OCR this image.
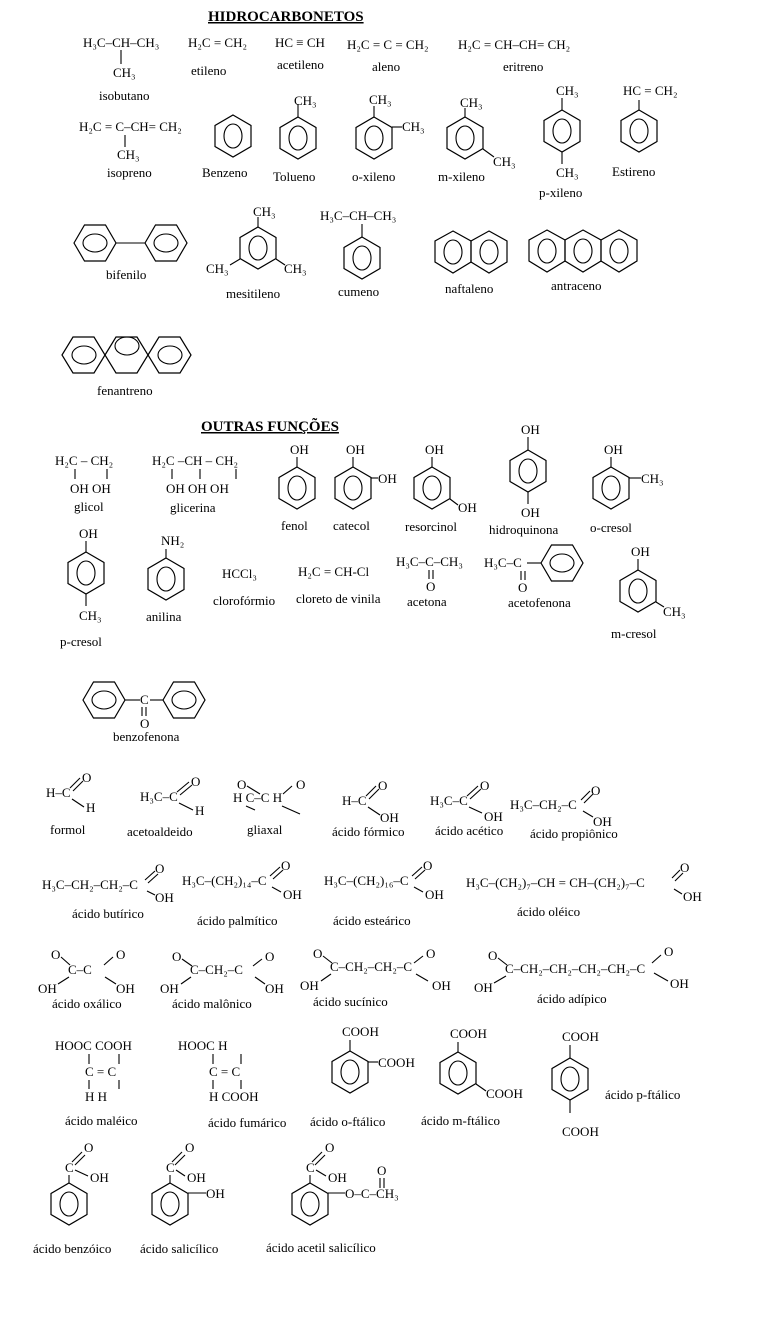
HIDROCARBONETOS
H₃C–CH–CH₃
CH₃
isobutano
H₂C = CH₂
etileno
HC ≡ CH
acetileno
H₂C = C = CH₂
aleno
H₂C = CH–CH= CH₂
eritreno
H₂C = C–CH= CH₂
CH₃
isopreno	Benzeno
CH₃
Tolueno
CH₃
CH₃
o-xileno
CH₃
CH₃
m-xileno
CH₃
CH₃
p-xileno
HC = CH₂
Estireno
bifenilo
CH₃
CH₃	CH₃
mesitileno
H₃C–CH–CH₃
cumeno	naftaleno	antraceno
fenantreno
OUTRAS FUNÇÕES
H₂C – CH₂
OH OH
glicol
H₂C –CH – CH₂
OH OH OH
glicerina
OH
fenol
OH
OH
catecol
OH
OH
resorcinol
OH
OH
hidroquinona
OH
CH₃
o-cresol
OH
CH₃
p-cresol
NH₂
anilina
HCCl₃
clorofórmio
H₂C = CH-Cl
cloreto de vinila
H₃C–C–CH₃
O
acetona
H₃C–C
O
acetofenona
OH
CH₃
m-cresol
C
O
benzofenona
H–C
O
H
formol
H₃C–C
O
H
acetoaldeido
O	O
H C–C H
gliaxal
H–C
O
OH
ácido fórmico
H₃C–C
O
OH
ácido acético
H₃C–CH₂–C
O
OH
ácido propiônico
H₃C–CH₂–CH₂–C
O
OH
ácido butírico
H₃C–(CH₂)₁₄–C
O
OH
ácido palmítico
H₃C–(CH₂)₁₆–C
O
OH
ácido esteárico
H₃C–(CH₂)₇–CH = CH–(CH₂)₇–C
O
OH
ácido oléico
O	O
C–C
OH	OH
ácido oxálico
O	O
C–CH₂–C
OH	OH
ácido malônico
O	O
C–CH₂–CH₂–C
OH	OH
ácido sucínico
O	O
C–CH₂–CH₂–CH₂–CH₂–C
OH	OH
ácido adípico
HOOC COOH
C = C
H H
ácido maléico
HOOC H
C = C
H COOH
ácido fumárico
COOH
COOH
ácido o-ftálico
COOH
COOH
ácido m-ftálico
COOH
COOH
ácido p-ftálico
O
C
OH
ácido benzóico
O
C
OH
OH
ácido salicílico
O
C
OH
O–C–CH₃
O
ácido acetil salicílico
